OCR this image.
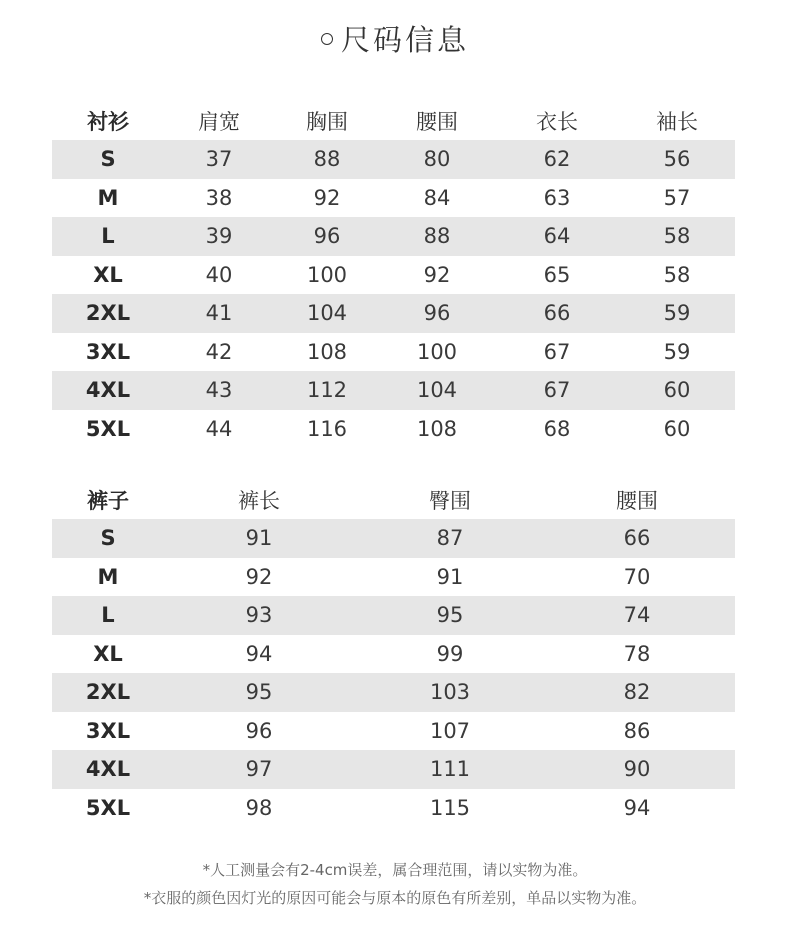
尺码信息
衬衫	肩宽	胸围	腰围	衣长	袖长
S	37	88	80	62	56
M	38	92	84	63	57
L	39	96	88	64	58
XL	40	100	92	65	58
2XL	41	104	96	66	59
3XL	42	108	100	67	59
4XL	43	112	104	67	60
5XL	44	116	108	68	60
裤子	裤长	臀围	腰围
S	91	87	66
M	92	91	70
L	93	95	74
XL	94	99	78
2XL	95	103	82
3XL	96	107	86
4XL	97	111	90
5XL	98	115	94
*人工测量会有2-4cm误差，属合理范围，请以实物为准。
*衣服的颜色因灯光的原因可能会与原本的原色有所差别，单品以实物为准。
